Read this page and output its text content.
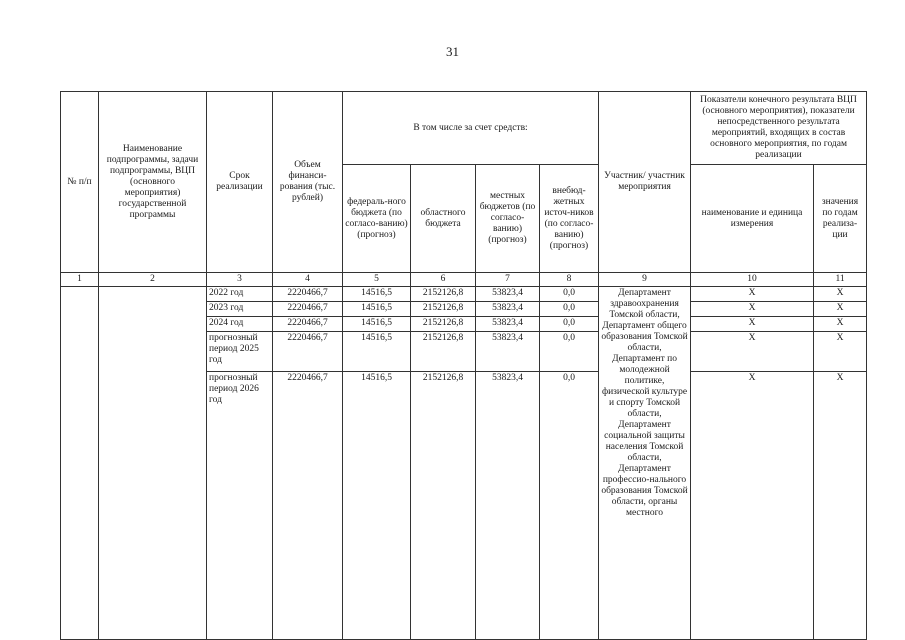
31
№ п/п	Наименование подпрограммы, задачи подпрограммы, ВЦП (основного мероприятия) государственной программы	Срок реализации	Объем финанси-рования (тыс. рублей)	В том числе за счет средств:				Участник/ участник мероприятия	Показатели конечного результата ВЦП (основного мероприятия), показатели непосредственного результата мероприятий, входящих в состав основного мероприятия, по годам реализации	
				федераль-ного бюджета (по согласо-ванию) (прогноз)	областного бюджета	местных бюджетов (по согласо-ванию) (прогноз)	внебюд-жетных источ-ников (по согласо-ванию) (прогноз)		наименование и единица измерения	значения по годам реализа-ции
1	2	3	4	5	6	7	8	9	10	11
		2022 год	2220466,7	14516,5	2152126,8	53823,4	0,0	Департамент здравоохранения Томской области, Департамент общего образования Томской области, Департамент по молодежной политике, физической культуре и спорту Томской области, Департамент социальной защиты населения Томской области, Департамент профессио-нального образования Томской области, органы местного	Х	Х
		2023 год	2220466,7	14516,5	2152126,8	53823,4	0,0		Х	Х
		2024 год	2220466,7	14516,5	2152126,8	53823,4	0,0		Х	Х
		прогнозный период 2025 год	2220466,7	14516,5	2152126,8	53823,4	0,0		Х	Х
		прогнозный период 2026 год	2220466,7	14516,5	2152126,8	53823,4	0,0		Х	Х
